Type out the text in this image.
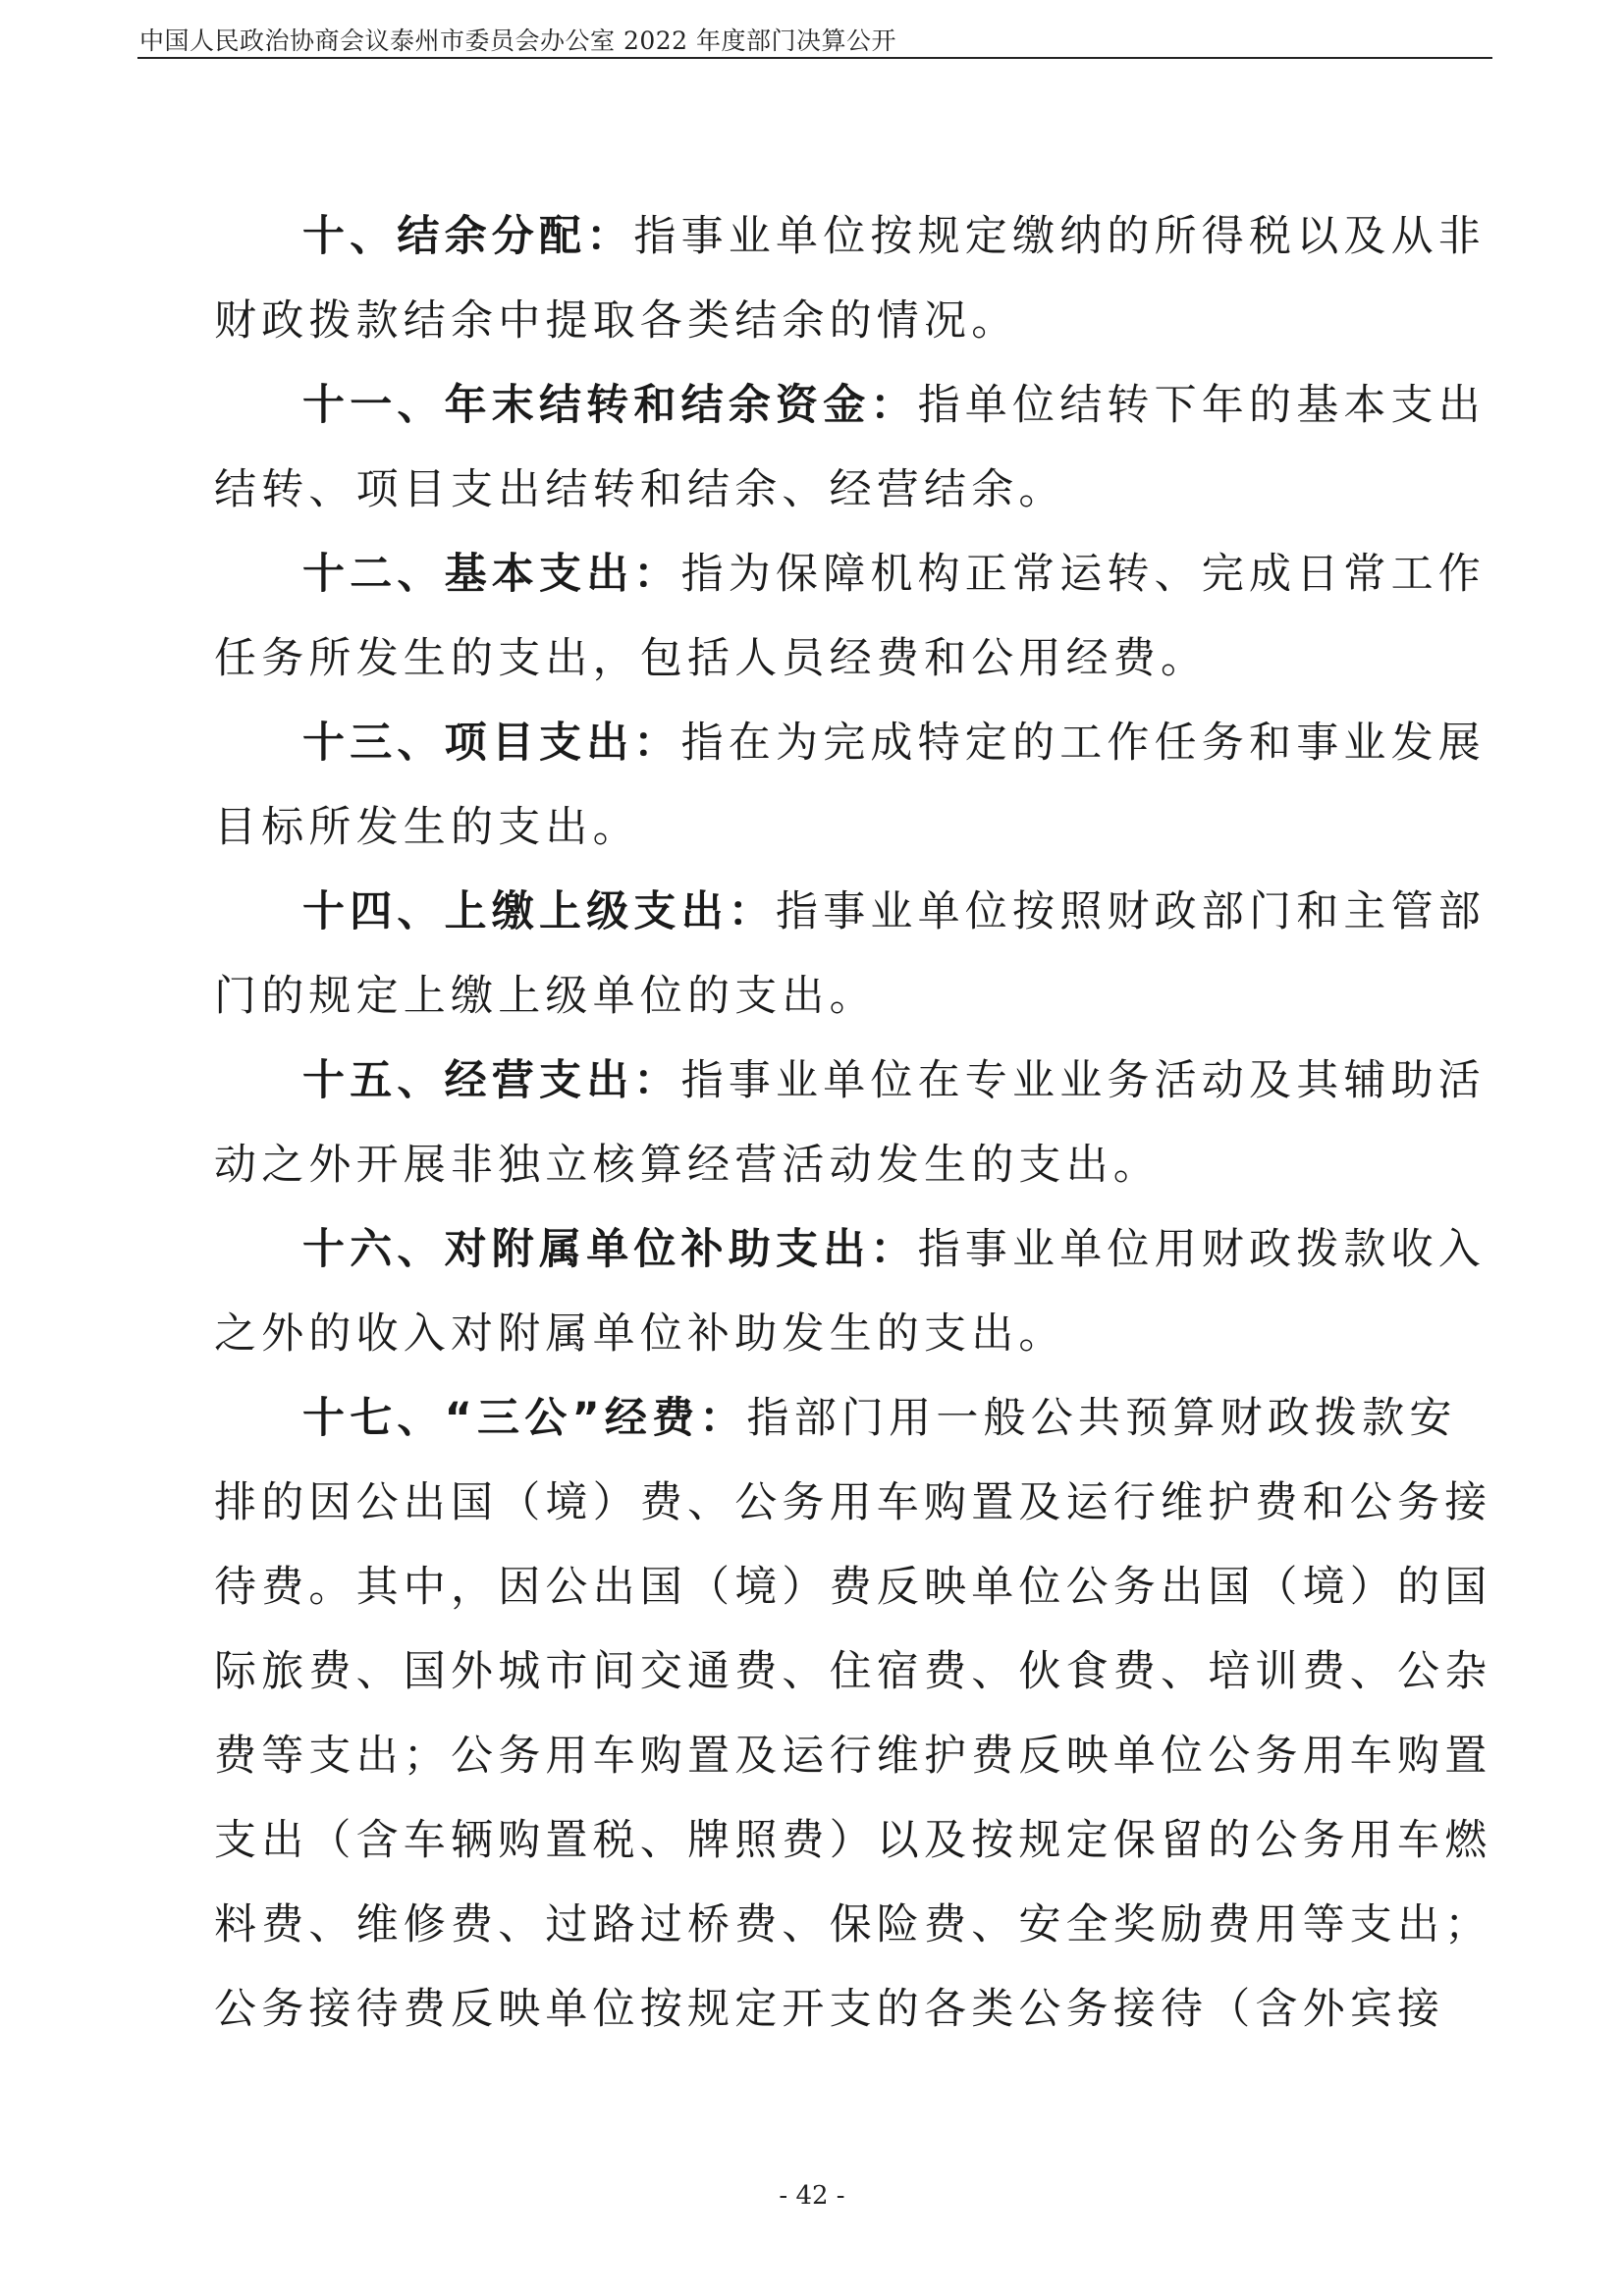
中国人民政治协商会议泰州市委员会办公室 2022 年度部门决算公开

十、结余分配：指事业单位按规定缴纳的所得税以及从非
财政拨款结余中提取各类结余的情况。

十一、年末结转和结余资金：指单位结转下年的基本支出
结转、项目支出结转和结余、经营结余。

十二、基本支出：指为保障机构正常运转、完成日常工作
任务所发生的支出，包括人员经费和公用经费。

十三、项目支出：指在为完成特定的工作任务和事业发展
目标所发生的支出。

十四、上缴上级支出：指事业单位按照财政部门和主管部
门的规定上缴上级单位的支出。

十五、经营支出：指事业单位在专业业务活动及其辅助活
动之外开展非独立核算经营活动发生的支出。

十六、对附属单位补助支出：指事业单位用财政拨款收入
之外的收入对附属单位补助发生的支出。

十七、“三公”经费：指部门用一般公共预算财政拨款安
排的因公出国（境）费、公务用车购置及运行维护费和公务接
待费。其中，因公出国（境）费反映单位公务出国（境）的国
际旅费、国外城市间交通费、住宿费、伙食费、培训费、公杂
费等支出；公务用车购置及运行维护费反映单位公务用车购置
支出（含车辆购置税、牌照费）以及按规定保留的公务用车燃
料费、维修费、过路过桥费、保险费、安全奖励费用等支出；
公务接待费反映单位按规定开支的各类公务接待（含外宾接

- 42 -
